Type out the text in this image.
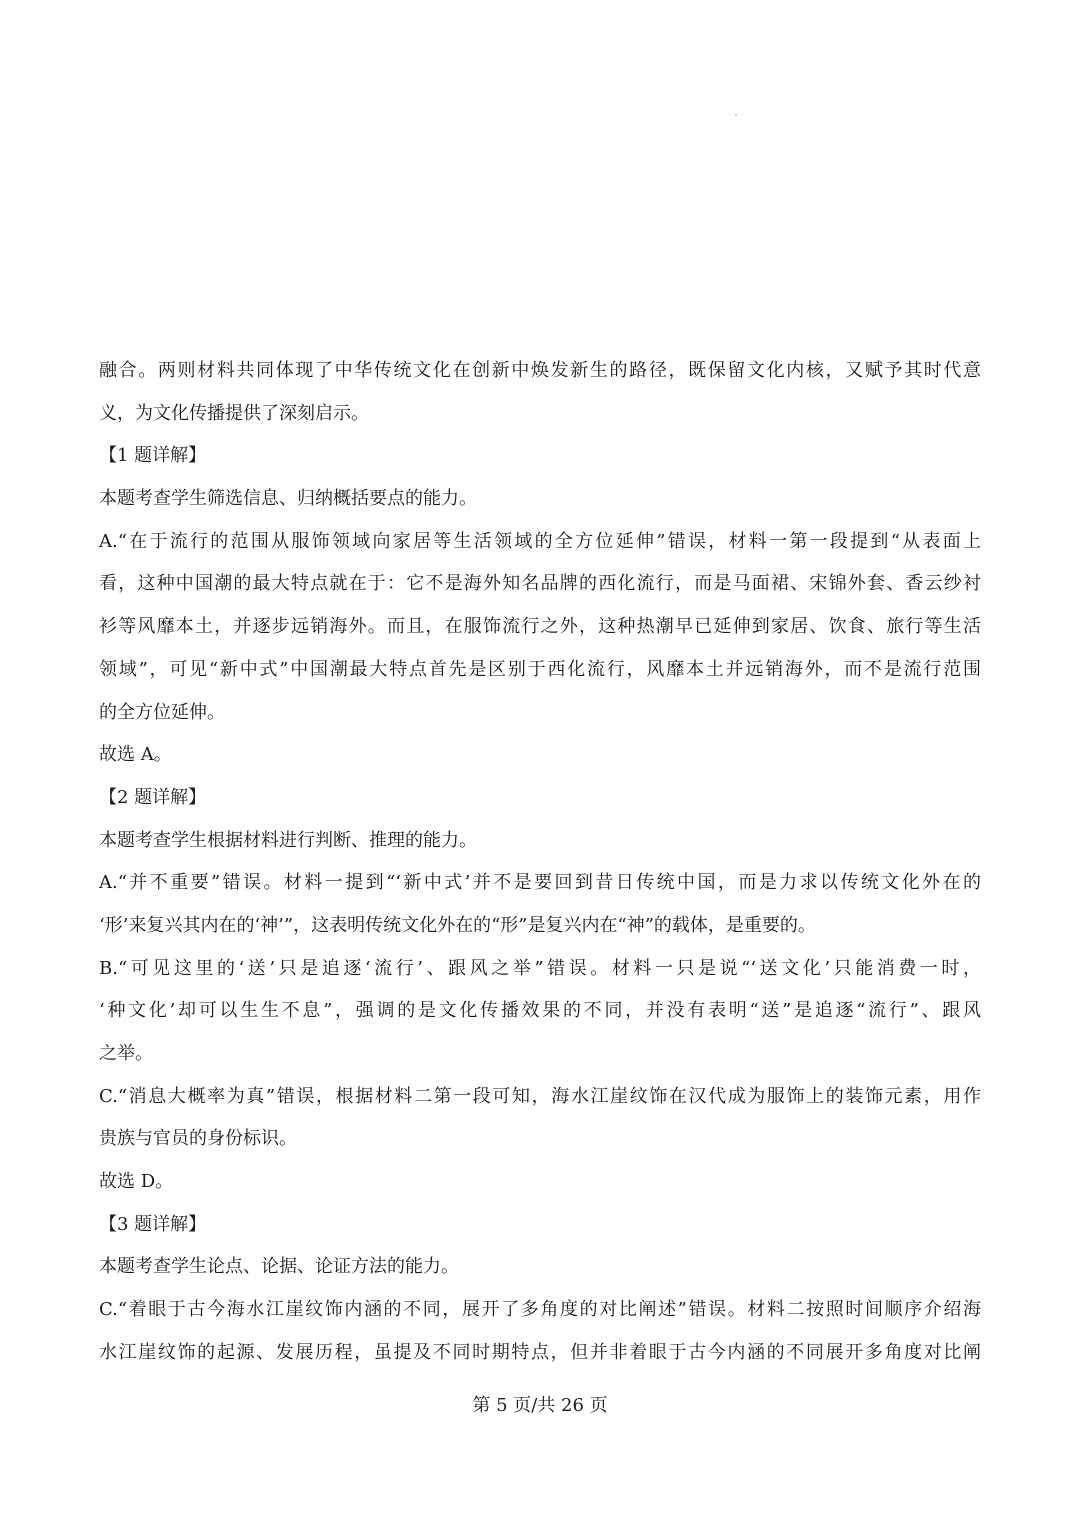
融合。两则材料共同体现了中华传统文化在创新中焕发新生的路径，既保留文化内核，又赋予其时代意
义，为文化传播提供了深刻启示。
【1 题详解】
本题考查学生筛选信息、归纳概括要点的能力。
A.“在于流行的范围从服饰领域向家居等生活领域的全方位延伸”错误，材料一第一段提到“从表面上
看，这种中国潮的最大特点就在于：它不是海外知名品牌的西化流行，而是马面裙、宋锦外套、香云纱衬
衫等风靡本土，并逐步远销海外。而且，在服饰流行之外，这种热潮早已延伸到家居、饮食、旅行等生活
领域”，可见“新中式”中国潮最大特点首先是区别于西化流行，风靡本土并远销海外，而不是流行范围
的全方位延伸。
故选 A。
【2 题详解】
本题考查学生根据材料进行判断、推理的能力。
A.“并不重要”错误。材料一提到“‘新中式’并不是要回到昔日传统中国，而是力求以传统文化外在的
‘形’来复兴其内在的‘神’”，这表明传统文化外在的“形”是复兴内在“神”的载体，是重要的。
B.“可见这里的‘送’只是追逐‘流行’、跟风之举”错误。材料一只是说“‘送文化’只能消费一时，
‘种文化’却可以生生不息”，强调的是文化传播效果的不同，并没有表明“送”是追逐“流行”、跟风
之举。
C.“消息大概率为真”错误，根据材料二第一段可知，海水江崖纹饰在汉代成为服饰上的装饰元素，用作
贵族与官员的身份标识。
故选 D。
【3 题详解】
本题考查学生论点、论据、论证方法的能力。
C.“着眼于古今海水江崖纹饰内涵的不同，展开了多角度的对比阐述”错误。材料二按照时间顺序介绍海
水江崖纹饰的起源、发展历程，虽提及不同时期特点，但并非着眼于古今内涵的不同展开多角度对比阐
第 5 页/共 26 页
